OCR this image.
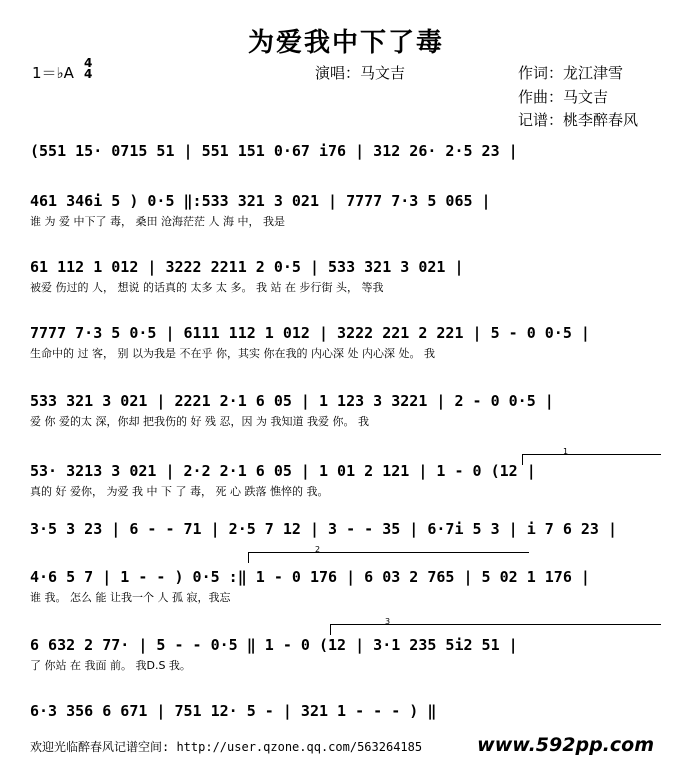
为爱我中下了毒
1＝♭A
4
4	演唱：马文吉	作词：龙江津雪
作曲：马文吉
记谱：桃李醉春风
(551 15· 0715 51 | 551 151 0·67 i76 | 312 26· 2·5 23 |
461 346i 5 ) 0·5 ‖:533 321 3 021 | 7777 7·3 5 065 |
谁 为 爱 中下了 毒， 桑田 沧海茫茫 人 海 中， 我是
61 112 1 012 | 3222 2211 2 0·5 | 533 321 3 021 |
被爱 伤过的 人， 想说 的话真的 太多 太 多。 我 站 在 步行街 头， 等我
7777 7·3 5 0·5 | 6111 112 1 012 | 3222 221 2 221 | 5 - 0 0·5 |
生命中的 过 客， 别 以为我是 不在乎 你，其实 你在我的 内心深 处 内心深 处。 我
533 321 3 021 | 2221 2·1 6 05 | 1 123 3 3221 | 2 - 0 0·5 |
爱 你 爱的太 深，你却 把我伤的 好 残 忍，因 为 我知道 我爱 你。 我
1
53· 3213 3 021 | 2·2 2·1 6 05 | 1 01 2 121 | 1 - 0 (12 |
真的 好 爱你， 为爱 我 中 下 了 毒， 死 心 跌落 憔悴的 我。
3·5 3 23 | 6 - - 71 | 2·5 7 12 | 3 - - 35 | 6·7i 5 3 | i 7 6 23 |
2
4·6 5 7 | 1 - - ) 0·5 :‖ 1 - 0 176 | 6 03 2 765 | 5 02 1 176 |
谁 我。 怎么 能 让我一个 人 孤 寂，我忘
3
6 632 2 77· | 5 - - 0·5 ‖ 1 - 0 (12 | 3·1 235 5i2 51 |
了 你站 在 我面 前。 我D.S 我。
6·3 356 6 671 | 751 12· 5 - | 321 1 - - - ) ‖
欢迎光临醉春风记谱空间: http://user.qzone.qq.com/563264185	www.592pp.com
